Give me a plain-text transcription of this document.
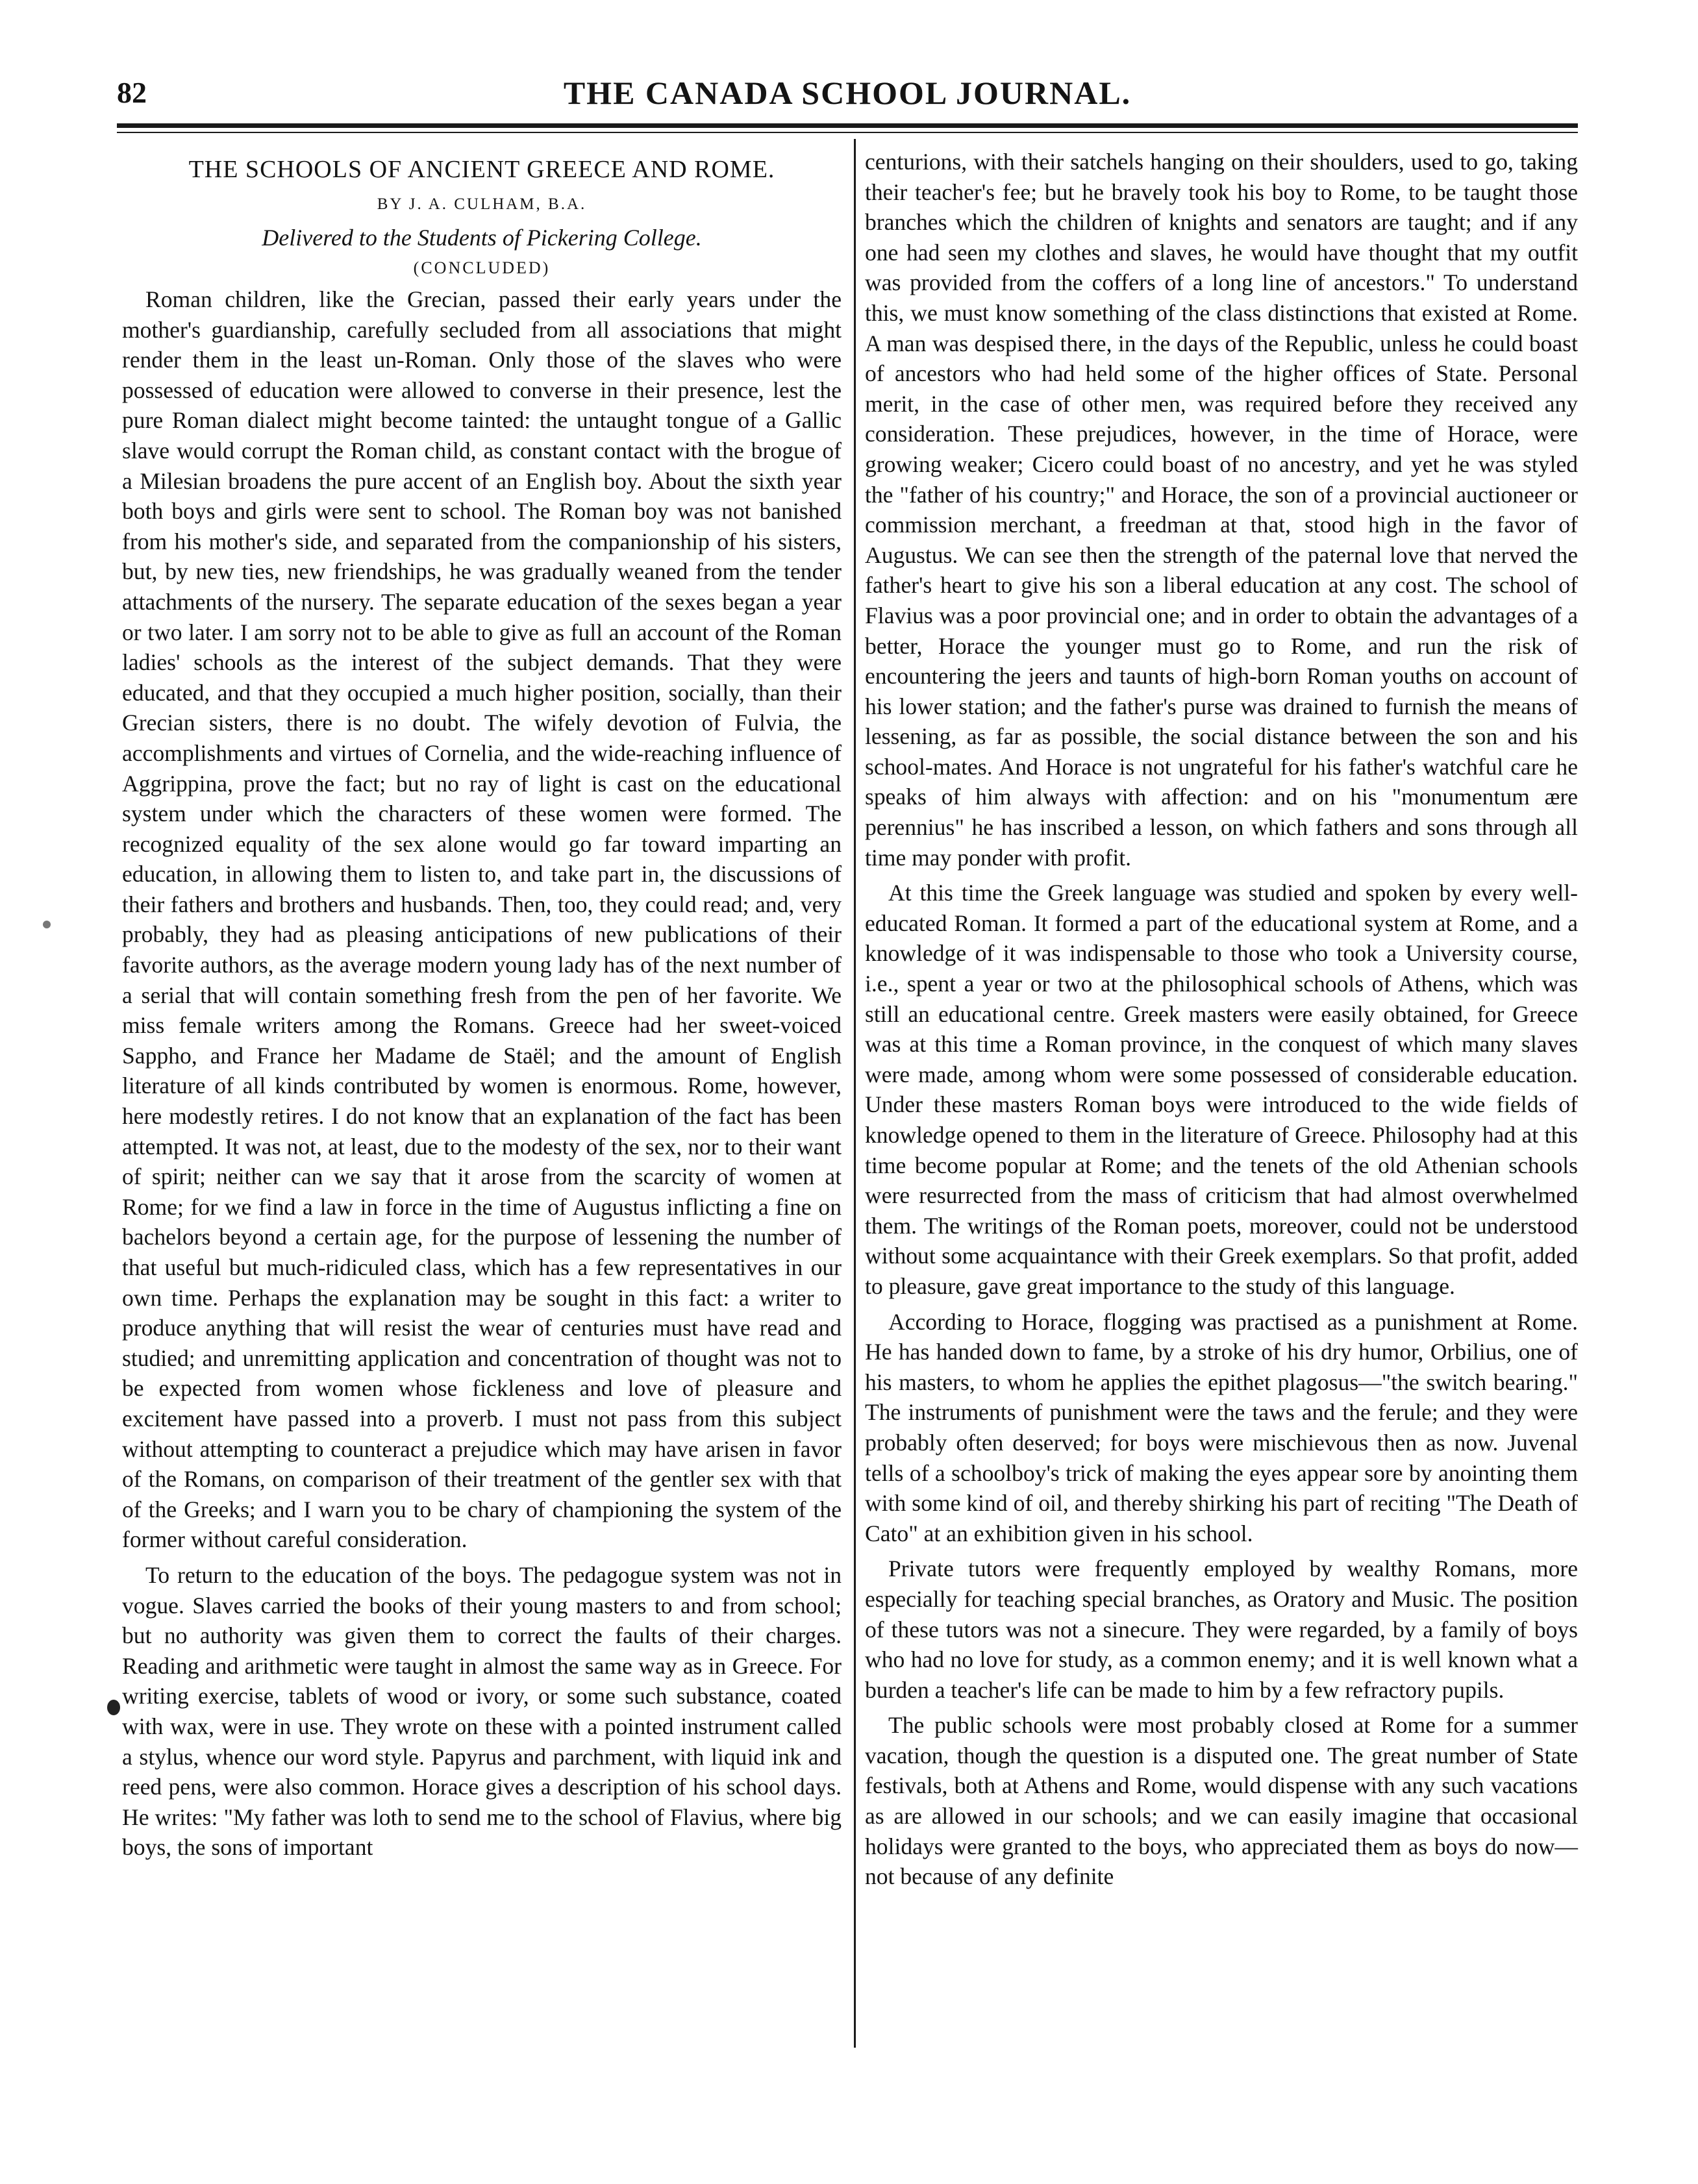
82	THE CANADA SCHOOL JOURNAL.
THE SCHOOLS OF ANCIENT GREECE AND ROME.
BY J. A. CULHAM, B.A.
Delivered to the Students of Pickering College.
(CONCLUDED)

Roman children, like the Grecian, passed their early years under the mother's guardianship, carefully secluded from all associations that might render them in the least un-Roman. Only those of the slaves who were possessed of education were allowed to converse in their presence, lest the pure Roman dialect might become tainted: the untaught tongue of a Gallic slave would corrupt the Roman child, as constant contact with the brogue of a Milesian broadens the pure accent of an English boy. About the sixth year both boys and girls were sent to school. The Roman boy was not banished from his mother's side, and separated from the companionship of his sisters, but, by new ties, new friendships, he was gradually weaned from the tender attachments of the nursery. The separate education of the sexes began a year or two later. I am sorry not to be able to give as full an account of the Roman ladies' schools as the interest of the subject demands. That they were educated, and that they occupied a much higher position, socially, than their Grecian sisters, there is no doubt. The wifely devotion of Fulvia, the accomplishments and virtues of Cornelia, and the wide-reaching influence of Aggrippina, prove the fact; but no ray of light is cast on the educational system under which the characters of these women were formed. The recognized equality of the sex alone would go far toward imparting an education, in allowing them to listen to, and take part in, the discussions of their fathers and brothers and husbands. Then, too, they could read; and, very probably, they had as pleasing anticipations of new publications of their favorite authors, as the average modern young lady has of the next number of a serial that will contain something fresh from the pen of her favorite. We miss female writers among the Romans. Greece had her sweet-voiced Sappho, and France her Madame de Staël; and the amount of English literature of all kinds contributed by women is enormous. Rome, however, here modestly retires. I do not know that an explanation of the fact has been attempted. It was not, at least, due to the modesty of the sex, nor to their want of spirit; neither can we say that it arose from the scarcity of women at Rome; for we find a law in force in the time of Augustus inflicting a fine on bachelors beyond a certain age, for the purpose of lessening the number of that useful but much-ridiculed class, which has a few representatives in our own time. Perhaps the explanation may be sought in this fact: a writer to produce anything that will resist the wear of centuries must have read and studied; and unremitting application and concentration of thought was not to be expected from women whose fickleness and love of pleasure and excitement have passed into a proverb. I must not pass from this subject without attempting to counteract a prejudice which may have arisen in favor of the Romans, on comparison of their treatment of the gentler sex with that of the Greeks; and I warn you to be chary of championing the system of the former without careful consideration.

To return to the education of the boys. The pedagogue system was not in vogue. Slaves carried the books of their young masters to and from school; but no authority was given them to correct the faults of their charges. Reading and arithmetic were taught in almost the same way as in Greece. For writing exercise, tablets of wood or ivory, or some such substance, coated with wax, were in use. They wrote on these with a pointed instrument called a stylus, whence our word style. Papyrus and parchment, with liquid ink and reed pens, were also common. Horace gives a description of his school days. He writes: "My father was loth to send me to the school of Flavius, where big boys, the sons of important

centurions, with their satchels hanging on their shoulders, used to go, taking their teacher's fee; but he bravely took his boy to Rome, to be taught those branches which the children of knights and senators are taught; and if any one had seen my clothes and slaves, he would have thought that my outfit was provided from the coffers of a long line of ancestors." To understand this, we must know something of the class distinctions that existed at Rome. A man was despised there, in the days of the Republic, unless he could boast of ancestors who had held some of the higher offices of State. Personal merit, in the case of other men, was required before they received any consideration. These prejudices, however, in the time of Horace, were growing weaker; Cicero could boast of no ancestry, and yet he was styled the "father of his country;" and Horace, the son of a provincial auctioneer or commission merchant, a freedman at that, stood high in the favor of Augustus. We can see then the strength of the paternal love that nerved the father's heart to give his son a liberal education at any cost. The school of Flavius was a poor provincial one; and in order to obtain the advantages of a better, Horace the younger must go to Rome, and run the risk of encountering the jeers and taunts of high-born Roman youths on account of his lower station; and the father's purse was drained to furnish the means of lessening, as far as possible, the social distance between the son and his school-mates. And Horace is not ungrateful for his father's watchful care he speaks of him always with affection: and on his "monumentum ære perennius" he has inscribed a lesson, on which fathers and sons through all time may ponder with profit.

At this time the Greek language was studied and spoken by every well-educated Roman. It formed a part of the educational system at Rome, and a knowledge of it was indispensable to those who took a University course, i.e., spent a year or two at the philosophical schools of Athens, which was still an educational centre. Greek masters were easily obtained, for Greece was at this time a Roman province, in the conquest of which many slaves were made, among whom were some possessed of considerable education. Under these masters Roman boys were introduced to the wide fields of knowledge opened to them in the literature of Greece. Philosophy had at this time become popular at Rome; and the tenets of the old Athenian schools were resurrected from the mass of criticism that had almost overwhelmed them. The writings of the Roman poets, moreover, could not be understood without some acquaintance with their Greek exemplars. So that profit, added to pleasure, gave great importance to the study of this language.

According to Horace, flogging was practised as a punishment at Rome. He has handed down to fame, by a stroke of his dry humor, Orbilius, one of his masters, to whom he applies the epithet plagosus—"the switch bearing." The instruments of punishment were the taws and the ferule; and they were probably often deserved; for boys were mischievous then as now. Juvenal tells of a schoolboy's trick of making the eyes appear sore by anointing them with some kind of oil, and thereby shirking his part of reciting "The Death of Cato" at an exhibition given in his school.

Private tutors were frequently employed by wealthy Romans, more especially for teaching special branches, as Oratory and Music. The position of these tutors was not a sinecure. They were regarded, by a family of boys who had no love for study, as a common enemy; and it is well known what a burden a teacher's life can be made to him by a few refractory pupils.

The public schools were most probably closed at Rome for a summer vacation, though the question is a disputed one. The great number of State festivals, both at Athens and Rome, would dispense with any such vacations as are allowed in our schools; and we can easily imagine that occasional holidays were granted to the boys, who appreciated them as boys do now—not because of any definite
